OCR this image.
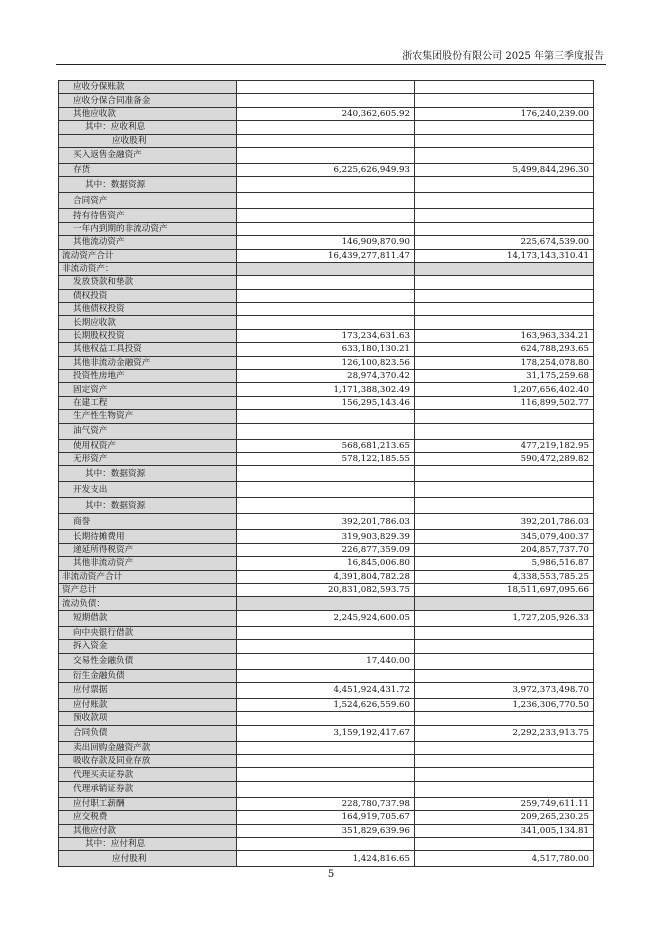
浙农集团股份有限公司 2025 年第三季度报告
应收分保账款		
应收分保合同准备金		
其他应收款	240,362,605.92	176,240,239.00
其中：应收利息		
应收股利		
买入返售金融资产		
存货	6,225,626,949.93	5,499,844,296.30
其中：数据资源		
合同资产		
持有待售资产		
一年内到期的非流动资产		
其他流动资产	146,909,870.90	225,674,539.00
流动资产合计	16,439,277,811.47	14,173,143,310.41
非流动资产：		
发放贷款和垫款		
债权投资		
其他债权投资		
长期应收款		
长期股权投资	173,234,631.63	163,963,334.21
其他权益工具投资	633,180,130.21	624,788,293.65
其他非流动金融资产	126,100,823.56	178,254,078.80
投资性房地产	28,974,370.42	31,175,259.68
固定资产	1,171,388,302.49	1,207,656,402.40
在建工程	156,295,143.46	116,899,502.77
生产性生物资产		
油气资产		
使用权资产	568,681,213.65	477,219,182.95
无形资产	578,122,185.55	590,472,289.82
其中：数据资源		
开发支出		
其中：数据资源		
商誉	392,201,786.03	392,201,786.03
长期待摊费用	319,903,829.39	345,079,400.37
递延所得税资产	226,877,359.09	204,857,737.70
其他非流动资产	16,845,006.80	5,986,516.87
非流动资产合计	4,391,804,782.28	4,338,553,785.25
资产总计	20,831,082,593.75	18,511,697,095.66
流动负债：		
短期借款	2,245,924,600.05	1,727,205,926.33
向中央银行借款		
拆入资金		
交易性金融负债	17,440.00	
衍生金融负债		
应付票据	4,451,924,431.72	3,972,373,498.70
应付账款	1,524,626,559.60	1,236,306,770.50
预收款项		
合同负债	3,159,192,417.67	2,292,233,913.75
卖出回购金融资产款		
吸收存款及同业存放		
代理买卖证券款		
代理承销证券款		
应付职工薪酬	228,780,737.98	259,749,611.11
应交税费	164,919,705.67	209,265,230.25
其他应付款	351,829,639.96	341,005,134.81
其中：应付利息		
应付股利	1,424,816.65	4,517,780.00
5
